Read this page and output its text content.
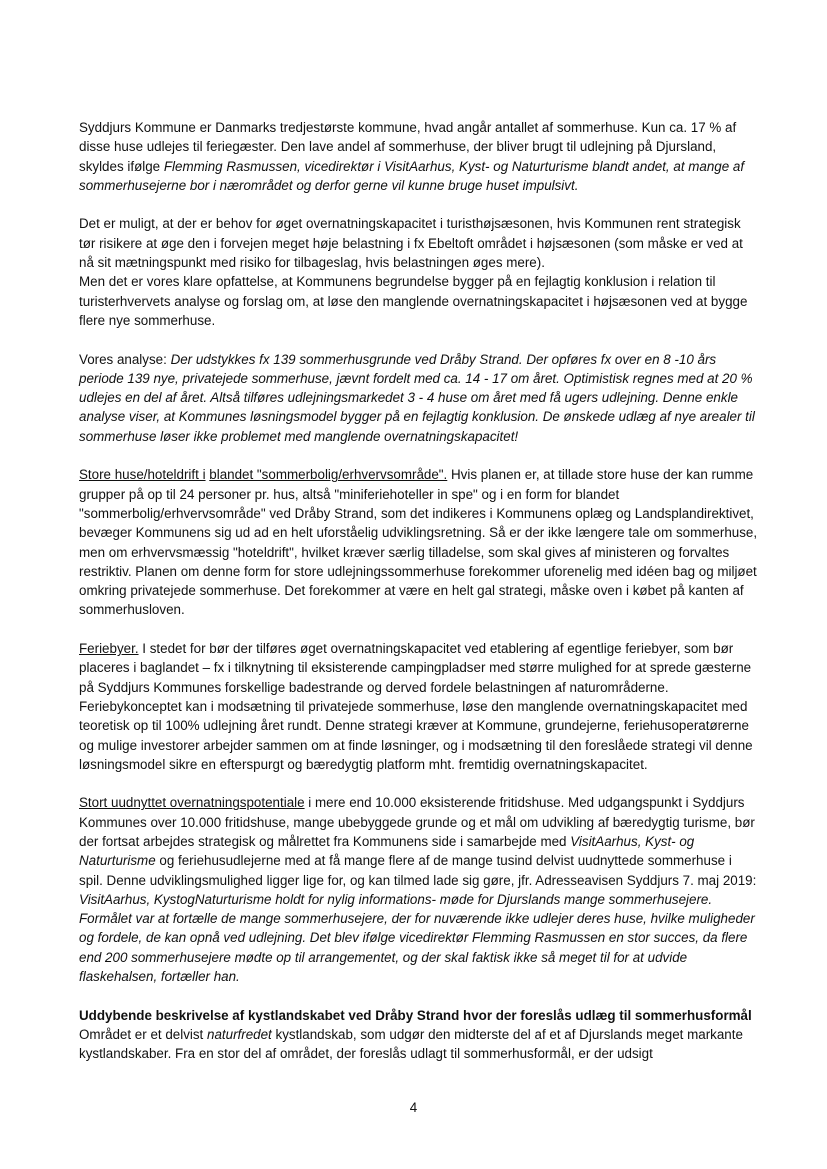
Syddjurs Kommune er Danmarks tredjestørste kommune, hvad angår antallet af sommerhuse. Kun ca. 17 % af disse huse udlejes til feriegæster. Den lave andel af sommerhuse, der bliver brugt til udlejning på Djursland, skyldes ifølge Flemming Rasmussen, vicedirektør i VisitAarhus, Kyst- og Naturturisme blandt andet, at mange af sommerhusejerne bor i nærområdet og derfor gerne vil kunne bruge huset impulsivt.

Det er muligt, at der er behov for øget overnatningskapacitet i turisthøjsæsonen, hvis Kommunen rent strategisk tør risikere at øge den i forvejen meget høje belastning i fx Ebeltoft området i højsæsonen (som måske er ved at nå sit mætningspunkt med risiko for tilbageslag, hvis belastningen øges mere).

Men det er vores klare opfattelse, at Kommunens begrundelse bygger på en fejlagtig konklusion i relation til turisterhvervets analyse og forslag om, at løse den manglende overnatningskapacitet i højsæsonen ved at bygge flere nye sommerhuse.

Vores analyse: Der udstykkes fx 139 sommerhusgrunde ved Dråby Strand. Der opføres fx over en 8 -10 års periode 139 nye, privatejede sommerhuse, jævnt fordelt med ca. 14 - 17 om året. Optimistisk regnes med at 20 % udlejes en del af året. Altså tilføres udlejningsmarkedet 3 - 4 huse om året med få ugers udlejning. Denne enkle analyse viser, at Kommunes løsningsmodel bygger på en fejlagtig konklusion. De ønskede udlæg af nye arealer til sommerhuse løser ikke problemet med manglende overnatningskapacitet!

Store huse/hoteldrift i blandet "sommerbolig/erhvervsområde". Hvis planen er, at tillade store huse der kan rumme grupper på op til 24 personer pr. hus, altså "miniferiehoteller in spe" og i en form for blandet "sommerbolig/erhvervsområde" ved Dråby Strand, som det indikeres i Kommunens oplæg og Landsplandirektivet, bevæger Kommunens sig ud ad en helt uforståelig udviklingsretning. Så er der ikke længere tale om sommerhuse, men om erhvervsmæssig "hoteldrift", hvilket kræver særlig tilladelse, som skal gives af ministeren og forvaltes restriktiv. Planen om denne form for store udlejningssommerhuse forekommer uforenelig med idéen bag og miljøet omkring privatejede sommerhuse. Det forekommer at være en helt gal strategi, måske oven i købet på kanten af sommerhusloven.

Feriebyer. I stedet for bør der tilføres øget overnatningskapacitet ved etablering af egentlige feriebyer, som bør placeres i baglandet – fx i tilknytning til eksisterende campingpladser med større mulighed for at sprede gæsterne på Syddjurs Kommunes forskellige badestrande og derved fordele belastningen af naturområderne. Feriebykonceptet kan i modsætning til privatejede sommerhuse, løse den manglende overnatningskapacitet med teoretisk op til 100% udlejning året rundt. Denne strategi kræver at Kommune, grundejerne, feriehusoperatørerne og mulige investorer arbejder sammen om at finde løsninger, og i modsætning til den foreslåede strategi vil denne løsningsmodel sikre en efterspurgt og bæredygtig platform mht. fremtidig overnatningskapacitet.

Stort uudnyttet overnatningspotentiale i mere end 10.000 eksisterende fritidshuse. Med udgangspunkt i Syddjurs Kommunes over 10.000 fritidshuse, mange ubebyggede grunde og et mål om udvikling af bæredygtig turisme, bør der fortsat arbejdes strategisk og målrettet fra Kommunens side i samarbejde med VisitAarhus, Kyst- og Naturturisme og feriehusudlejerne med at få mange flere af de mange tusind delvist uudnyttede sommerhuse i spil. Denne udviklingsmulighed ligger lige for, og kan tilmed lade sig gøre, jfr. Adresseavisen Syddjurs 7. maj 2019: VisitAarhus, KystogNaturturisme holdt for nylig informations- møde for Djurslands mange sommerhusejere. Formålet var at fortælle de mange sommerhusejere, der for nuværende ikke udlejer deres huse, hvilke muligheder og fordele, de kan opnå ved udlejning. Det blev ifølge vicedirektør Flemming Rasmussen en stor succes, da flere end 200 sommerhusejere mødte op til arrangementet, og der skal faktisk ikke så meget til for at udvide flaskehalsen, fortæller han.

Uddybende beskrivelse af kystlandskabet ved Dråby Strand hvor der foreslås udlæg til sommerhusformål
Området er et delvist naturfredet kystlandskab, som udgør den midterste del af et af Djurslands meget markante kystlandskaber. Fra en stor del af området, der foreslås udlagt til sommerhusformål, er der udsigt

4
